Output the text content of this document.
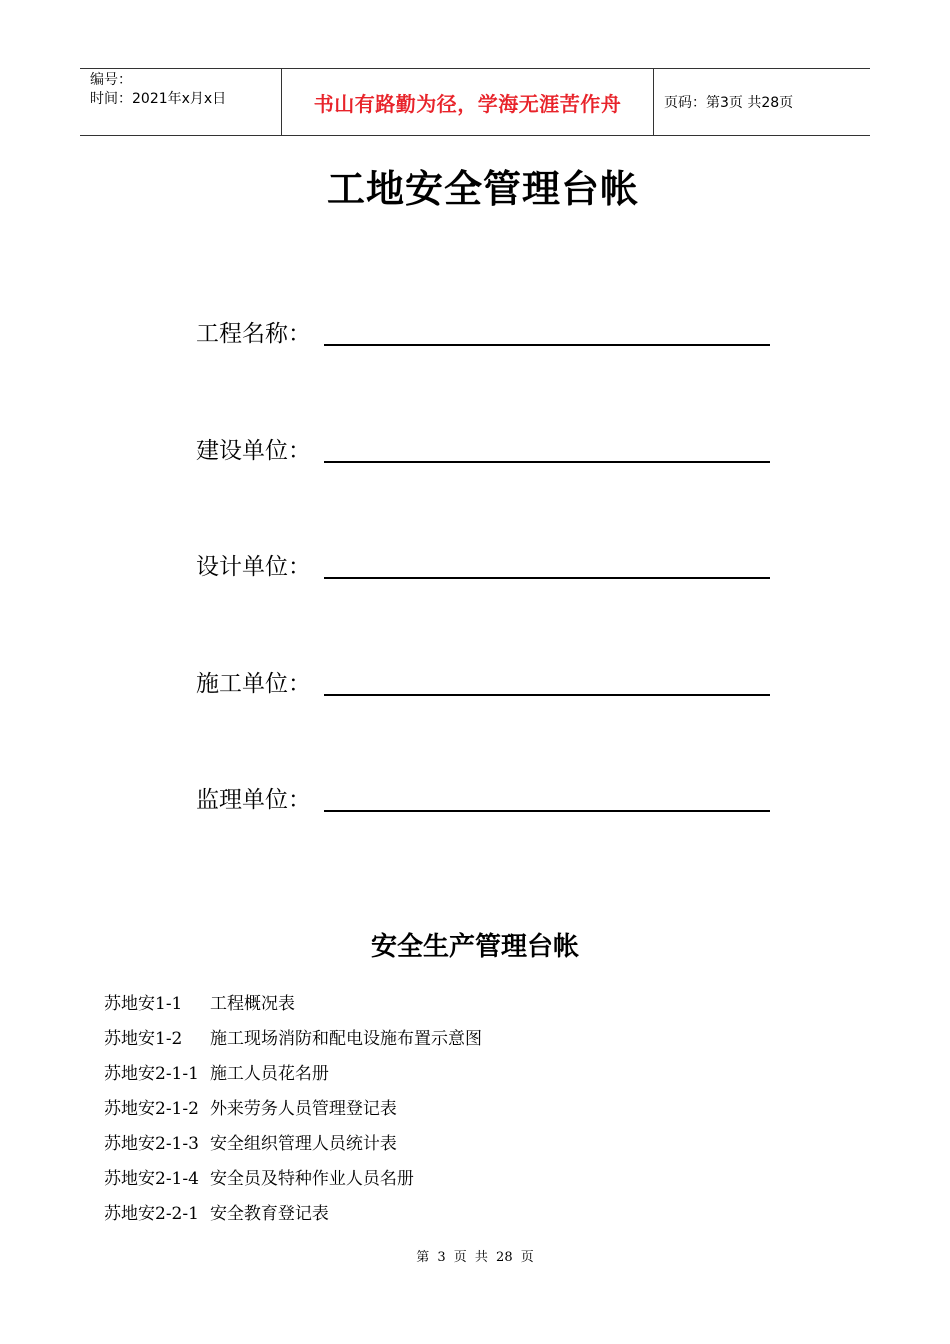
编号：
时间：2021年x月x日	书山有路勤为径，学海无涯苦作舟	页码：第3页 共28页
工地安全管理台帐
工程名称：
建设单位：
设计单位：
施工单位：
监理单位：
安全生产管理台帐
苏地安1-1	工程概况表
苏地安1-2	施工现场消防和配电设施布置示意图
苏地安2-1-1 施工人员花名册
苏地安2-1-2 外来劳务人员管理登记表
苏地安2-1-3 安全组织管理人员统计表
苏地安2-1-4 安全员及特种作业人员名册
苏地安2-2-1 安全教育登记表
第 3 页 共 28 页
